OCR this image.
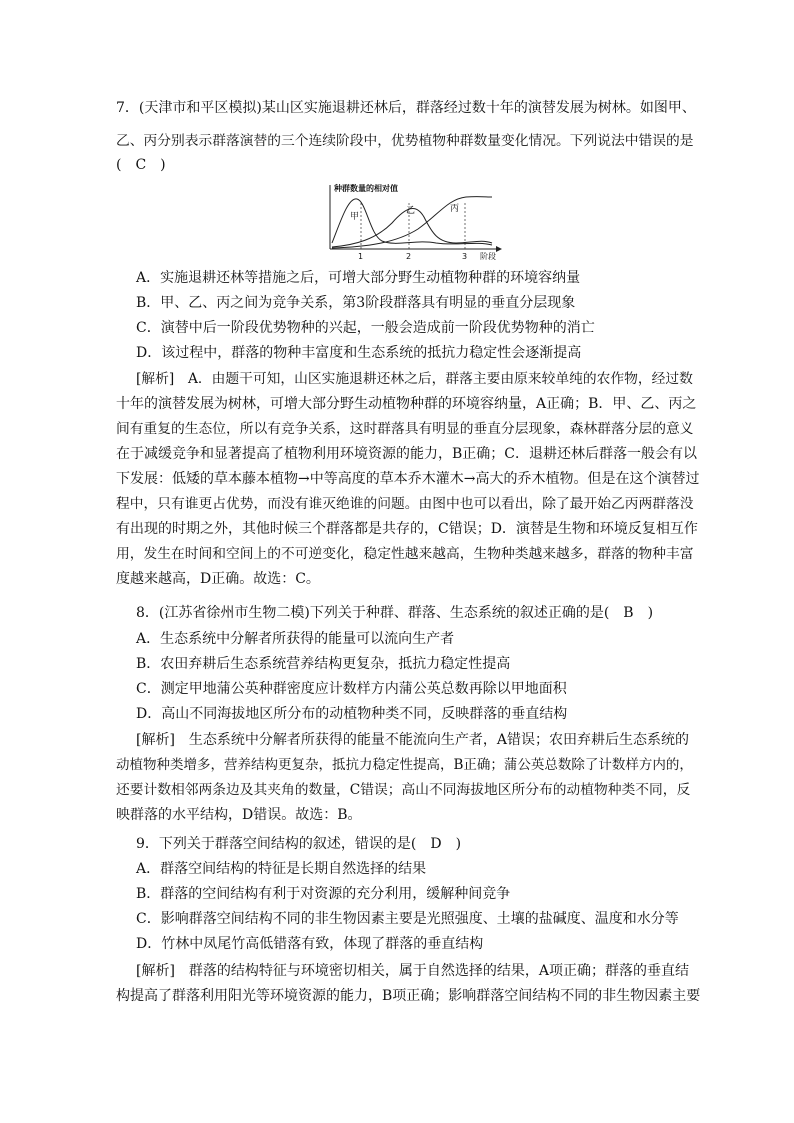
7．(天津市和平区模拟)某山区实施退耕还林后，群落经过数十年的演替发展为树林。如图甲、
乙、丙分别表示群落演替的三个连续阶段中，优势植物种群数量变化情况。下列说法中错误的是
(　C　)
种群数量的相对值
阶段
1	2	3
甲
乙	丙
A．实施退耕还林等措施之后，可增大部分野生动植物种群的环境容纳量
B．甲、乙、丙之间为竞争关系，第3阶段群落具有明显的垂直分层现象
C．演替中后一阶段优势物种的兴起，一般会造成前一阶段优势物种的消亡
D．该过程中，群落的物种丰富度和生态系统的抵抗力稳定性会逐渐提高
[解析]　A．由题干可知，山区实施退耕还林之后，群落主要由原来较单纯的农作物，经过数
十年的演替发展为树林，可增大部分野生动植物种群的环境容纳量，A正确；B．甲、乙、丙之
间有重复的生态位，所以有竞争关系，这时群落具有明显的垂直分层现象，森林群落分层的意义
在于减缓竞争和显著提高了植物利用环境资源的能力，B正确；C．退耕还林后群落一般会有以
下发展：低矮的草本藤本植物→中等高度的草本乔木灌木→高大的乔木植物。但是在这个演替过
程中，只有谁更占优势，而没有谁灭绝谁的问题。由图中也可以看出，除了最开始乙丙两群落没
有出现的时期之外，其他时候三个群落都是共存的，C错误；D．演替是生物和环境反复相互作
用，发生在时间和空间上的不可逆变化，稳定性越来越高，生物种类越来越多，群落的物种丰富
度越来越高，D正确。故选：C。
8．(江苏省徐州市生物二模)下列关于种群、群落、生态系统的叙述正确的是(　B　)
A．生态系统中分解者所获得的能量可以流向生产者
B．农田弃耕后生态系统营养结构更复杂，抵抗力稳定性提高
C．测定甲地蒲公英种群密度应计数样方内蒲公英总数再除以甲地面积
D．高山不同海拔地区所分布的动植物种类不同，反映群落的垂直结构
[解析]　生态系统中分解者所获得的能量不能流向生产者，A错误；农田弃耕后生态系统的
动植物种类增多，营养结构更复杂，抵抗力稳定性提高，B正确；蒲公英总数除了计数样方内的，
还要计数相邻两条边及其夹角的数量，C错误；高山不同海拔地区所分布的动植物种类不同，反
映群落的水平结构，D错误。故选：B。
9．下列关于群落空间结构的叙述，错误的是(　D　)
A．群落空间结构的特征是长期自然选择的结果
B．群落的空间结构有利于对资源的充分利用，缓解种间竞争
C．影响群落空间结构不同的非生物因素主要是光照强度、土壤的盐碱度、温度和水分等
D．竹林中凤尾竹高低错落有致，体现了群落的垂直结构
[解析]　群落的结构特征与环境密切相关，属于自然选择的结果，A项正确；群落的垂直结
构提高了群落利用阳光等环境资源的能力，B项正确；影响群落空间结构不同的非生物因素主要
